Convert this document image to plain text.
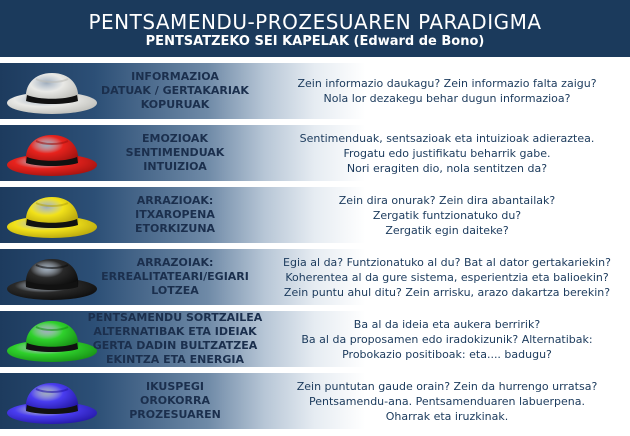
PENTSAMENDU-PROZESUAREN PARADIGMA
PENTSATZEKO SEI KAPELAK (Edward de Bono)
INFORMAZIOA
DATUAK / GERTAKARIAK
KOPURUAK
Zein informazio daukagu? Zein informazio falta zaigu?
Nola lor dezakegu behar dugun informazioa?
EMOZIOAK
SENTIMENDUAK
INTUIZIOA
Sentimenduak, sentsazioak eta intuizioak adieraztea.
Frogatu edo justifikatu beharrik gabe.
Nori eragiten dio, nola sentitzen da?
ARRAZIOAK:
ITXAROPENA
ETORKIZUNA
Zein dira onurak? Zein dira abantailak?
Zergatik funtzionatuko du?
Zergatik egin daiteke?
ARRAZOIAK:
ERREALITATEARI/EGIARI
LOTZEA
Egia al da? Funtzionatuko al du? Bat al dator gertakariekin?
Koherentea al da gure sistema, esperientzia eta balioekin?
Zein puntu ahul ditu? Zein arrisku, arazo dakartza berekin?
PENTSAMENDU SORTZAILEA
ALTERNATIBAK ETA IDEIAK
GERTA DADIN BULTZATZEA
EKINTZA ETA ENERGIA
Ba al da ideia eta aukera berririk?
Ba al da proposamen edo iradokizunik? Alternatibak:
Probokazio positiboak: eta.... badugu?
IKUSPEGI
OROKORRA
PROZESUAREN
Zein puntutan gaude orain? Zein da hurrengo urratsa?
Pentsamendu-ana. Pentsamenduaren labuerpena.
Oharrak eta iruzkinak.
